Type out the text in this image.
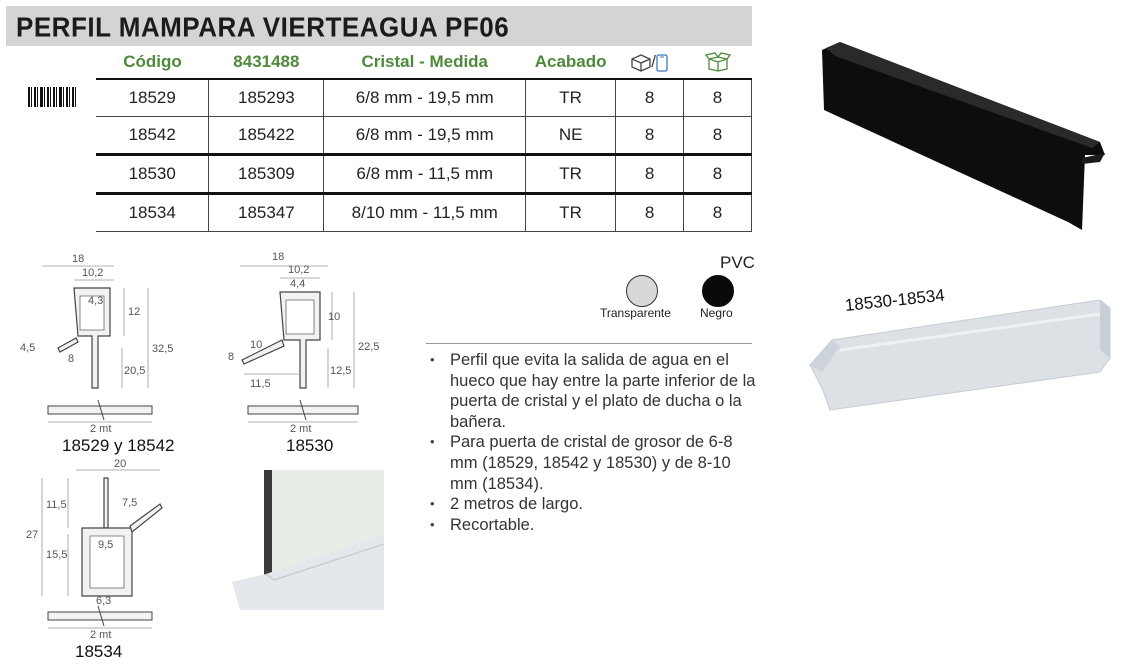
PERFIL MAMPARA VIERTEAGUA PF06
Código	8431488	Cristal - Medida	Acabado	/	
18529	185293	6/8 mm - 19,5 mm	TR	8	8
18542	185422	6/8 mm - 19,5 mm	NE	8	8
18530	185309	6/8 mm - 11,5 mm	TR	8	8
18534	185347	8/10 mm - 11,5 mm	TR	8	8
18530-18534
PVC
Transparente Negro
• Perfil que evita la salida de agua en el hueco que hay entre la parte inferior de la puerta de cristal y el plato de ducha o la bañera.
• Para puerta de cristal de grosor de 6-8 mm (18529, 18542 y 18530) y de 8-10 mm (18534).
• 2 metros de largo.
• Recortable.
18
10,2
4,3
12
32,5
20,5
4,5
8
2 mt
18529 y 18542
18
10,2
4,4
10
22,5
12,5
8
10
11,5
2 mt
18530
20
7,5
11,5
27
9,5
15,5
6,3
2 mt
18534
